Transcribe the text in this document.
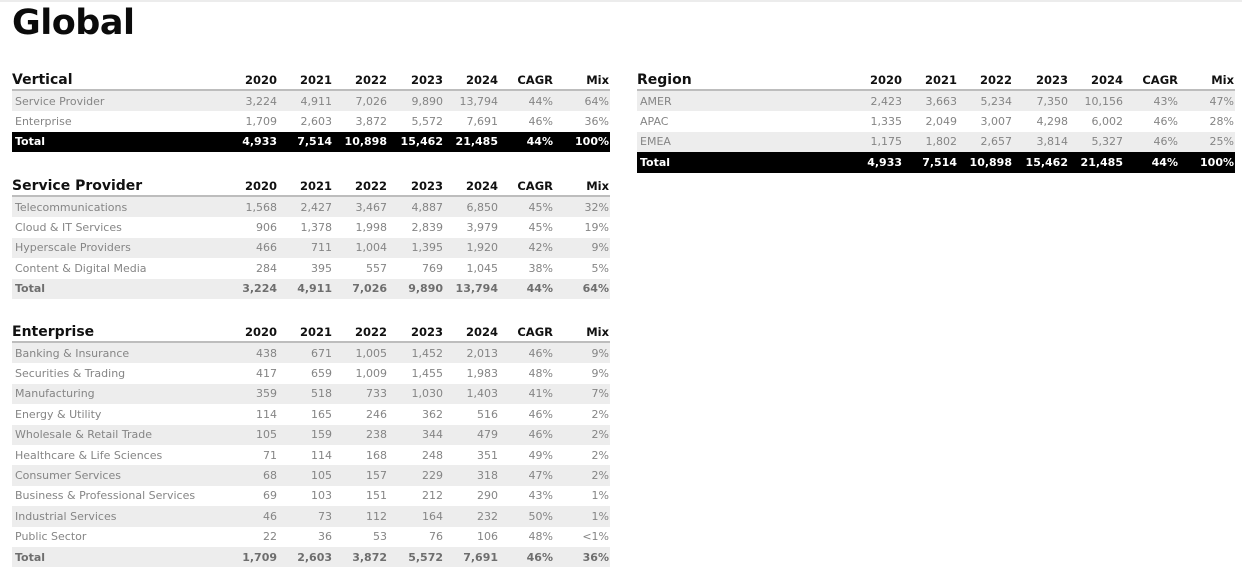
Global
Vertical	2020	2021	2022	2023	2024	CAGR	Mix
Service Provider	3,224	4,911	7,026	9,890	13,794	44%	64%
Enterprise	1,709	2,603	3,872	5,572	7,691	46%	36%
Total	4,933	7,514	10,898	15,462	21,485	44%	100%
Region	2020	2021	2022	2023	2024	CAGR	Mix
AMER	2,423	3,663	5,234	7,350	10,156	43%	47%
APAC	1,335	2,049	3,007	4,298	6,002	46%	28%
EMEA	1,175	1,802	2,657	3,814	5,327	46%	25%
Total	4,933	7,514	10,898	15,462	21,485	44%	100%
Service Provider	2020	2021	2022	2023	2024	CAGR	Mix
Telecommunications	1,568	2,427	3,467	4,887	6,850	45%	32%
Cloud & IT Services	906	1,378	1,998	2,839	3,979	45%	19%
Hyperscale Providers	466	711	1,004	1,395	1,920	42%	9%
Content & Digital Media	284	395	557	769	1,045	38%	5%
Total	3,224	4,911	7,026	9,890	13,794	44%	64%
Enterprise	2020	2021	2022	2023	2024	CAGR	Mix
Banking & Insurance	438	671	1,005	1,452	2,013	46%	9%
Securities & Trading	417	659	1,009	1,455	1,983	48%	9%
Manufacturing	359	518	733	1,030	1,403	41%	7%
Energy & Utility	114	165	246	362	516	46%	2%
Wholesale & Retail Trade	105	159	238	344	479	46%	2%
Healthcare & Life Sciences	71	114	168	248	351	49%	2%
Consumer Services	68	105	157	229	318	47%	2%
Business & Professional Services	69	103	151	212	290	43%	1%
Industrial Services	46	73	112	164	232	50%	1%
Public Sector	22	36	53	76	106	48%	<1%
Total	1,709	2,603	3,872	5,572	7,691	46%	36%
